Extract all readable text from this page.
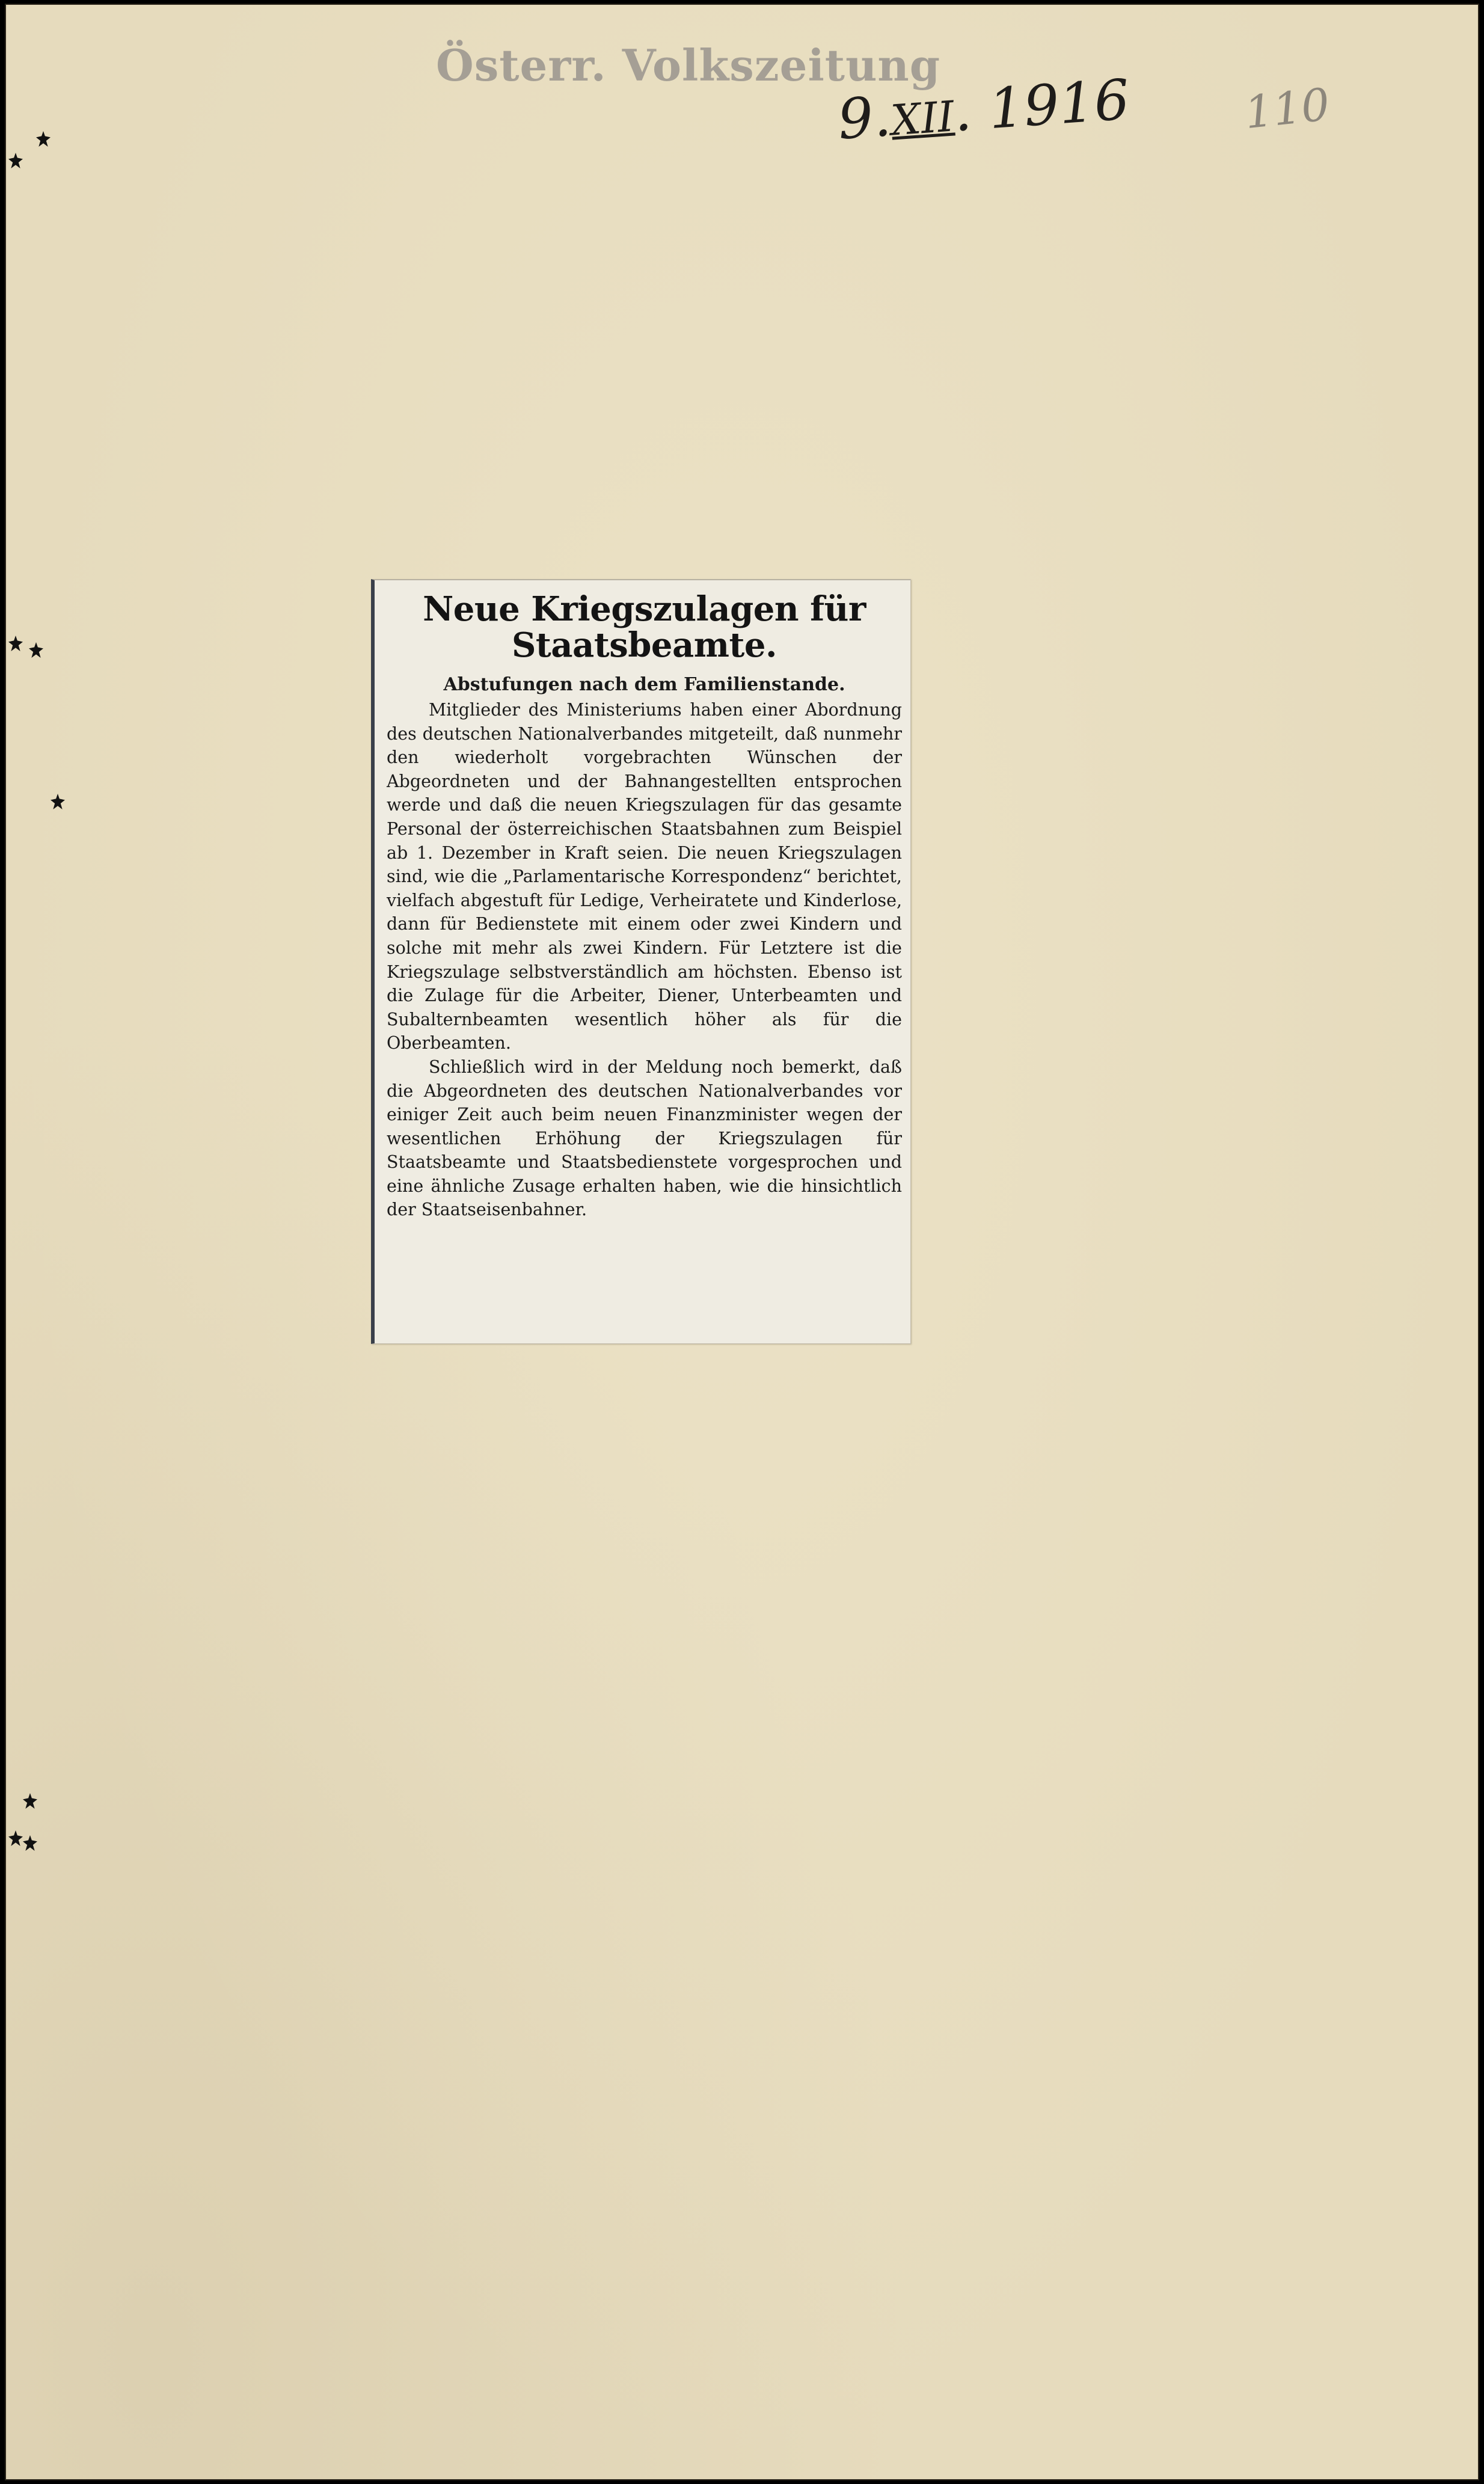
Österr. Volkszeitung
9.XII. 1916 110
Neue Kriegszulagen für Staatsbeamte.
Abstufungen nach dem Familienstande.

Mitglieder des Ministeriums haben einer Abordnung des deutschen Nationalverbandes mitgeteilt, daß nunmehr den wiederholt vorgebrachten Wünschen der Abgeordneten und der Bahnangestellten entsprochen werde und daß die neuen Kriegszulagen für das gesamte Personal der österreichischen Staatsbahnen zum Beispiel ab 1. Dezember in Kraft seien. Die neuen Kriegszulagen sind, wie die „Parlamentarische Korrespondenz“ berichtet, vielfach abgestuft für Ledige, Verheiratete und Kinderlose, dann für Bedienstete mit einem oder zwei Kindern und solche mit mehr als zwei Kindern. Für Letztere ist die Kriegszulage selbstverständlich am höchsten. Ebenso ist die Zulage für die Arbeiter, Diener, Unterbeamten und Subalternbeamten wesentlich höher als für die Oberbeamten.

Schließlich wird in der Meldung noch bemerkt, daß die Abgeordneten des deutschen Nationalverbandes vor einiger Zeit auch beim neuen Finanzminister wegen der wesentlichen Erhöhung der Kriegszulagen für Staatsbeamte und Staatsbedienstete vorgesprochen und eine ähnliche Zusage erhalten haben, wie die hinsichtlich der Staatseisenbahner.
